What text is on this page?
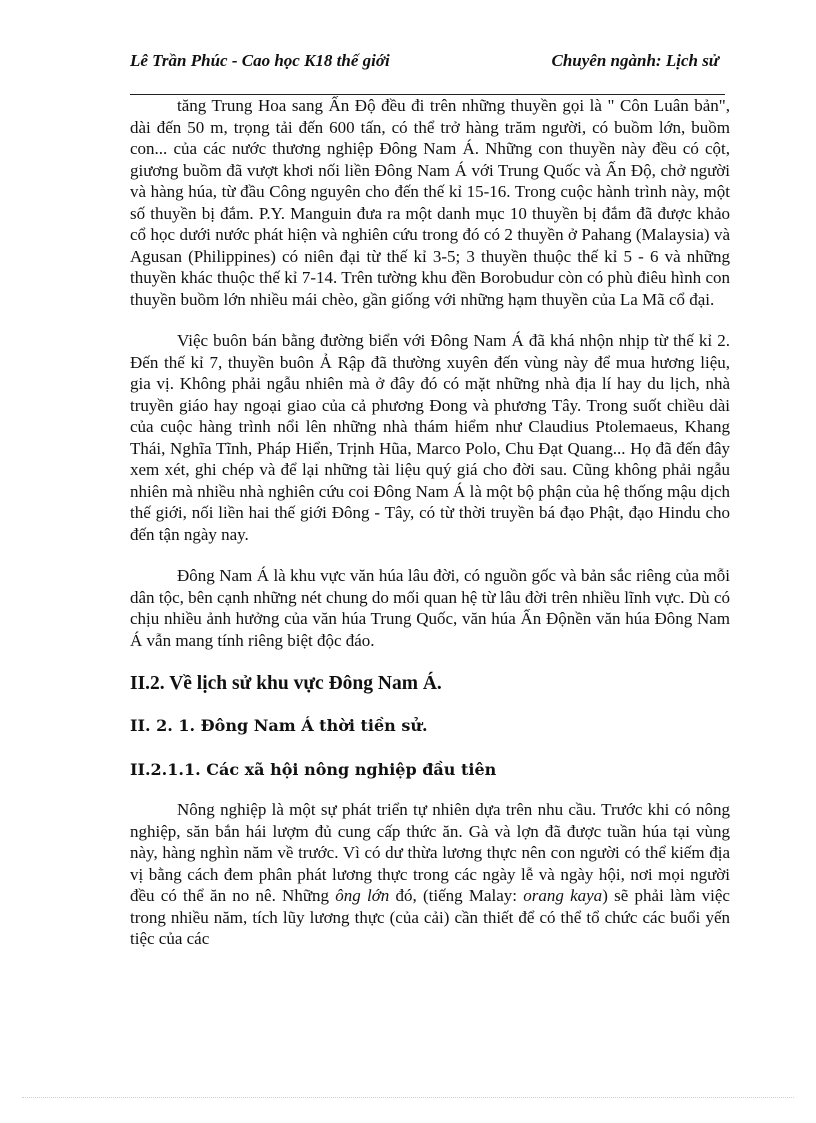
Lê Trần Phúc - Cao học K18 thế giới	Chuyên ngành: Lịch sử

tăng Trung Hoa sang Ấn Độ đều đi trên những thuyền gọi là " Côn Luân bản", dài đến 50 m, trọng tải đến 600 tấn, có thể trở hàng trăm người, có buồm lớn, buồm con... của các nước thương nghiệp Đông Nam Á. Những con thuyền này đều có cột, giương buồm đã vượt khơi nối liền Đông Nam Á với Trung Quốc và Ấn Độ, chở người và hàng húa, từ đầu Công nguyên cho đến thế kỉ 15-16. Trong cuộc hành trình này, một số thuyền bị đắm. P.Y. Manguin đưa ra một danh mục 10 thuyền bị đắm đã được khảo cổ học dưới nước phát hiện và nghiên cứu trong đó có 2 thuyền ở Pahang (Malaysia) và Agusan (Philippines) có niên đại từ thế kỉ 3-5; 3 thuyền thuộc thế kỉ 5 - 6 và những thuyền khác thuộc thế kỉ 7-14. Trên tường khu đền Borobudur còn có phù điêu hình con thuyền buồm lớn nhiều mái chèo, gần giống với những hạm thuyền của La Mã cổ đại.

Việc buôn bán bằng đường biển với Đông Nam Á đã khá nhộn nhịp từ thế kỉ 2. Đến thế kỉ 7, thuyền buôn Ả Rập đã thường xuyên đến vùng này để mua hương liệu, gia vị. Không phải ngẫu nhiên mà ở đây đó có mặt những nhà địa lí hay du lịch, nhà truyền giáo hay ngoại giao của cả phương Đong và phương Tây. Trong suốt chiều dài của cuộc hàng trình nổi lên những nhà thám hiểm như Claudius Ptolemaeus, Khang Thái, Nghĩa Tĩnh, Pháp Hiển, Trịnh Hũa, Marco Polo, Chu Đạt Quang... Họ đã đến đây xem xét, ghi chép và để lại những tài liệu quý giá cho đời sau. Cũng không phải ngẫu nhiên mà nhiều nhà nghiên cứu coi Đông Nam Á là một bộ phận của hệ thống mậu dịch thế giới, nối liền hai thế giới Đông - Tây, có từ thời truyền bá đạo Phật, đạo Hindu cho đến tận ngày nay.

Đông Nam Á là khu vực văn húa lâu đời, có nguồn gốc và bản sắc riêng của mỗi dân tộc, bên cạnh những nét chung do mối quan hệ từ lâu đời trên nhiều lĩnh vực. Dù có chịu nhiều ảnh hưởng của văn húa Trung Quốc, văn húa Ấn Độnền văn húa Đông Nam Á vẫn mang tính riêng biệt độc đáo.

II.2. Về lịch sử khu vực Đông Nam Á.
II. 2. 1. Đông Nam Á thời tiền sử.
II.2.1.1. Các xã hội nông nghiệp đầu tiên

Nông nghiệp là một sự phát triển tự nhiên dựa trên nhu cầu. Trước khi có nông nghiệp, săn bắn hái lượm đủ cung cấp thức ăn. Gà và lợn đã được tuần húa tại vùng này, hàng nghìn năm về trước. Vì có dư thừa lương thực nên con người có thể kiếm địa vị bằng cách đem phân phát lương thực trong các ngày lễ và ngày hội, nơi mọi người đều có thể ăn no nê. Những ông lớn đó, (tiếng Malay: orang kaya) sẽ phải làm việc trong nhiều năm, tích lũy lương thực (của cải) cần thiết để có thể tổ chức các buổi yến tiệc của các
